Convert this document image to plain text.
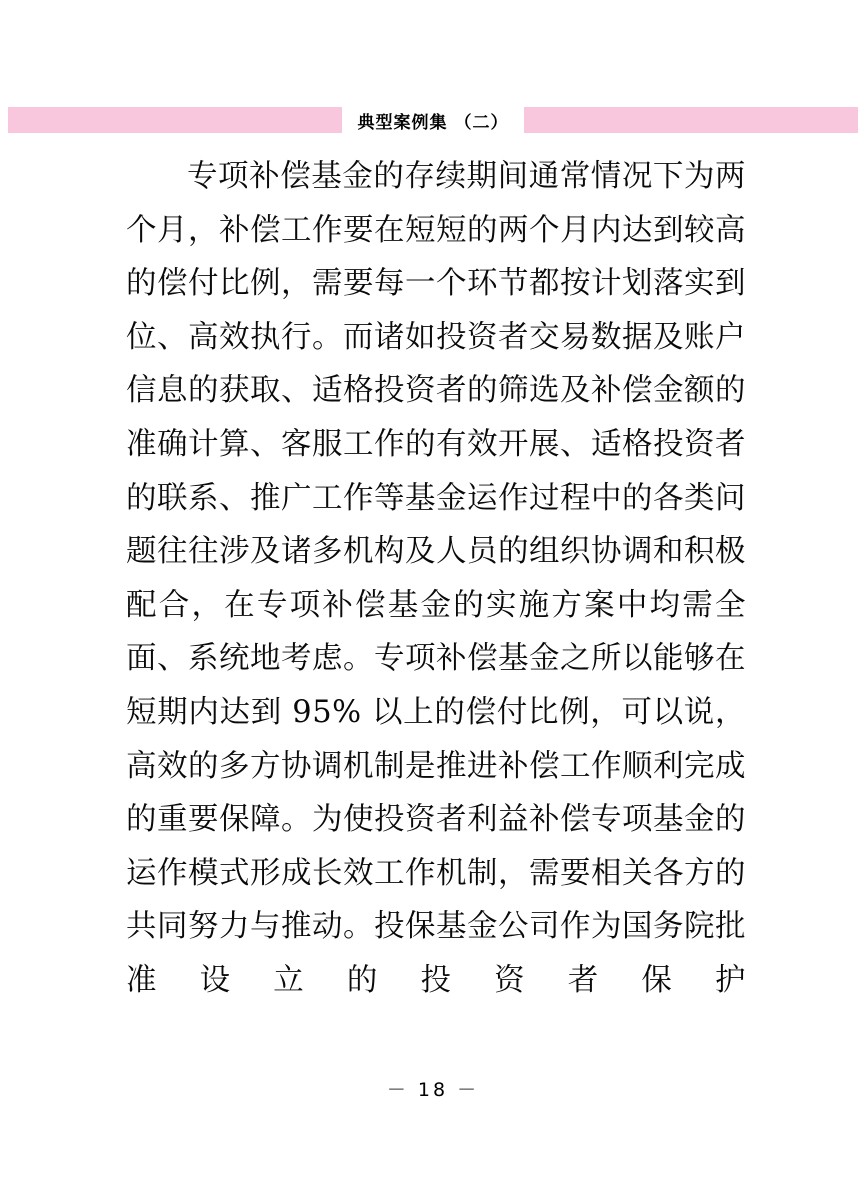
典型案例集 （二）

专项补偿基金的存续期间通常情况下为两个月，补偿工作要在短短的两个月内达到较高的偿付比例，需要每一个环节都按计划落实到位、高效执行。而诸如投资者交易数据及账户信息的获取、适格投资者的筛选及补偿金额的准确计算、客服工作的有效开展、适格投资者的联系、推广工作等基金运作过程中的各类问题往往涉及诸多机构及人员的组织协调和积极配合，在专项补偿基金的实施方案中均需全面、系统地考虑。专项补偿基金之所以能够在短期内达到 95% 以上的偿付比例，可以说，高效的多方协调机制是推进补偿工作顺利完成的重要保障。为使投资者利益补偿专项基金的运作模式形成长效工作机制，需要相关各方的共同努力与推动。投保基金公司作为国务院批准设立的投资者保护

－ 18 －
